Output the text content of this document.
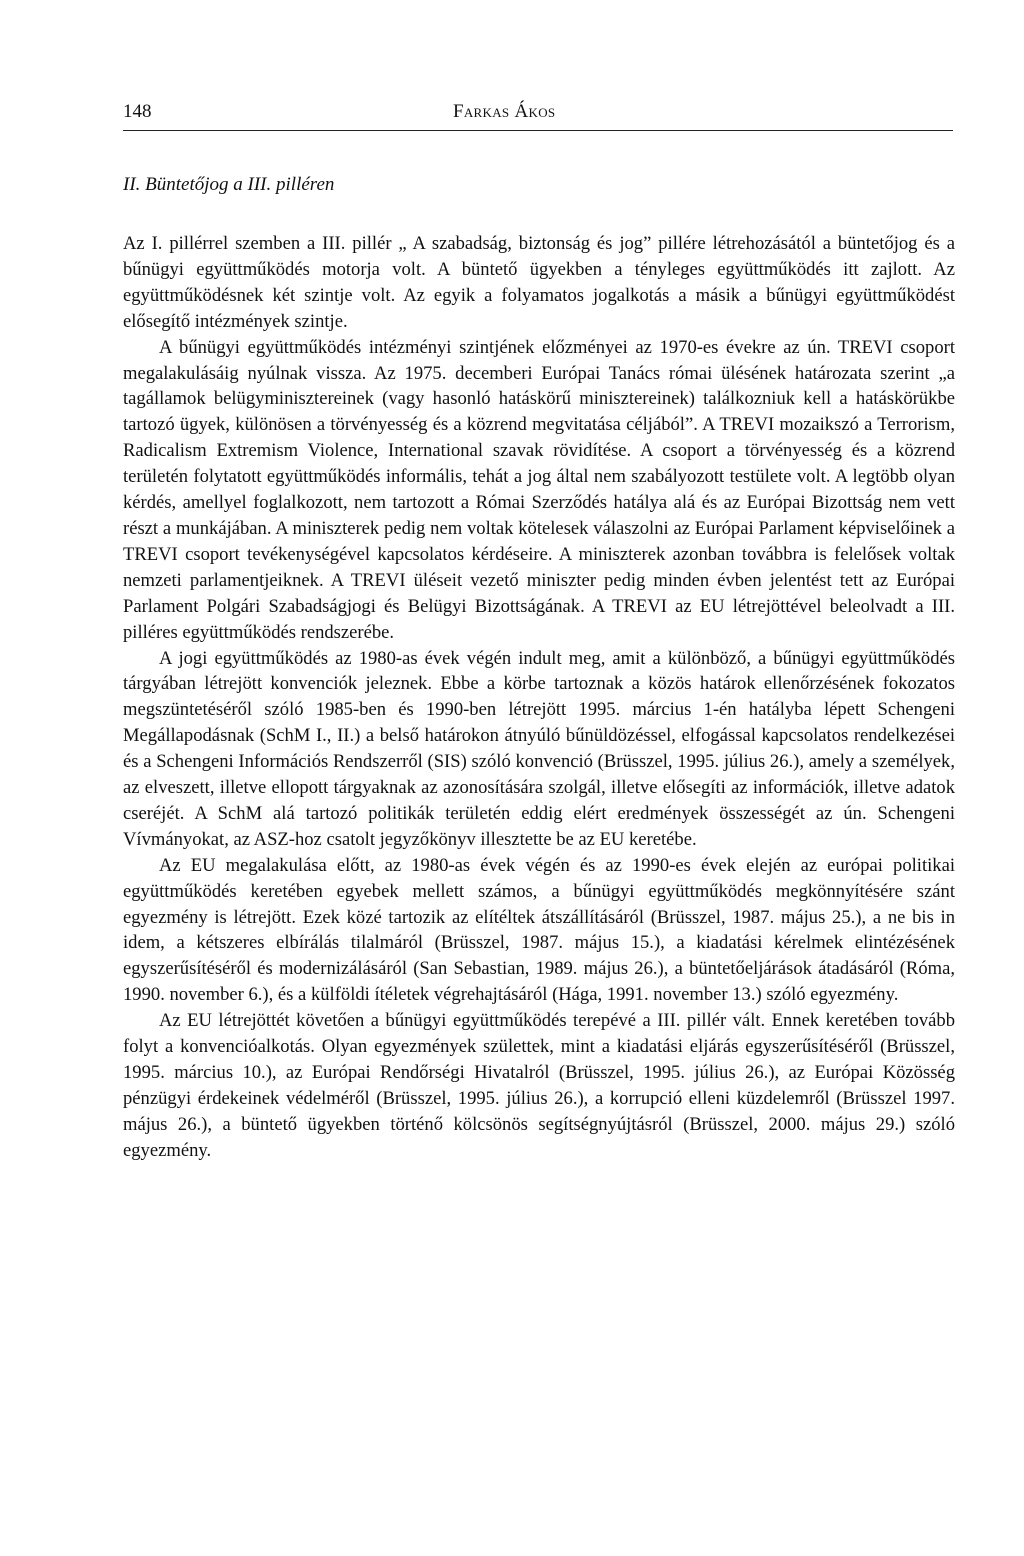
148	Farkas Ákos
II. Büntetőjog a III. pilléren

Az I. pillérrel szemben a III. pillér „ A szabadság, biztonság és jog” pillére létrehozásától a büntetőjog és a bűnügyi együttműködés motorja volt. A büntető ügyekben a tényleges együttműködés itt zajlott. Az együttműködésnek két szintje volt. Az egyik a folyamatos jogalkotás a másik a bűnügyi együttműködést elősegítő intézmények szintje.

A bűnügyi együttműködés intézményi szintjének előzményei az 1970-es évekre az ún. TREVI csoport megalakulásáig nyúlnak vissza. Az 1975. decemberi Európai Tanács római ülésének határozata szerint „a tagállamok belügyminisztereinek (vagy hasonló hatáskörű minisztereinek) találkozniuk kell a hatáskörükbe tartozó ügyek, különösen a törvényesség és a közrend megvitatása céljából”. A TREVI mozaikszó a Terrorism, Radicalism Extremism Violence, International szavak rövidítése. A csoport a törvényesség és a közrend területén folytatott együttműködés informális, tehát a jog által nem szabályozott testülete volt. A legtöbb olyan kérdés, amellyel foglalkozott, nem tartozott a Római Szerződés hatálya alá és az Európai Bizottság nem vett részt a munkájában. A miniszterek pedig nem voltak kötelesek válaszolni az Európai Parlament képviselőinek a TREVI csoport tevékenységével kapcsolatos kérdéseire. A miniszterek azonban továbbra is felelősek voltak nemzeti parlamentjeiknek. A TREVI üléseit vezető miniszter pedig minden évben jelentést tett az Európai Parlament Polgári Szabadságjogi és Belügyi Bizottságának. A TREVI az EU létrejöttével beleolvadt a III. pilléres együttműködés rendszerébe.

A jogi együttműködés az 1980-as évek végén indult meg, amit a különböző, a bűnügyi együttműködés tárgyában létrejött konvenciók jeleznek. Ebbe a körbe tartoznak a közös határok ellenőrzésének fokozatos megszüntetéséről szóló 1985-ben és 1990-ben létrejött 1995. március 1-én hatályba lépett Schengeni Megállapodásnak (SchM I., II.) a belső határokon átnyúló bűnüldözéssel, elfogással kapcsolatos rendelkezései és a Schengeni Információs Rendszerről (SIS) szóló konvenció (Brüsszel, 1995. július 26.), amely a személyek, az elveszett, illetve ellopott tárgyaknak az azonosítására szolgál, illetve elősegíti az információk, illetve adatok cseréjét. A SchM alá tartozó politikák területén eddig elért eredmények összességét az ún. Schengeni Vívmányokat, az ASZ-hoz csatolt jegyzőkönyv illesztette be az EU keretébe.

Az EU megalakulása előtt, az 1980-as évek végén és az 1990-es évek elején az európai politikai együttműködés keretében egyebek mellett számos, a bűnügyi együttműködés megkönnyítésére szánt egyezmény is létrejött. Ezek közé tartozik az elítéltek átszállításáról (Brüsszel, 1987. május 25.), a ne bis in idem, a kétszeres elbírálás tilalmáról (Brüsszel, 1987. május 15.), a kiadatási kérelmek elintézésének egyszerűsítéséről és modernizálásáról (San Sebastian, 1989. május 26.), a büntetőeljárások átadásáról (Róma, 1990. november 6.), és a külföldi ítéletek végrehajtásáról (Hága, 1991. november 13.) szóló egyezmény.

Az EU létrejöttét követően a bűnügyi együttműködés terepévé a III. pillér vált. Ennek keretében tovább folyt a konvencióalkotás. Olyan egyezmények születtek, mint a kiadatási eljárás egyszerűsítéséről (Brüsszel, 1995. március 10.), az Európai Rendőrségi Hivatalról (Brüsszel, 1995. július 26.), az Európai Közösség pénzügyi érdekeinek védelméről (Brüsszel, 1995. július 26.), a korrupció elleni küzdelemről (Brüsszel 1997. május 26.), a büntető ügyekben történő kölcsönös segítségnyújtásról (Brüsszel, 2000. május 29.) szóló egyezmény.
